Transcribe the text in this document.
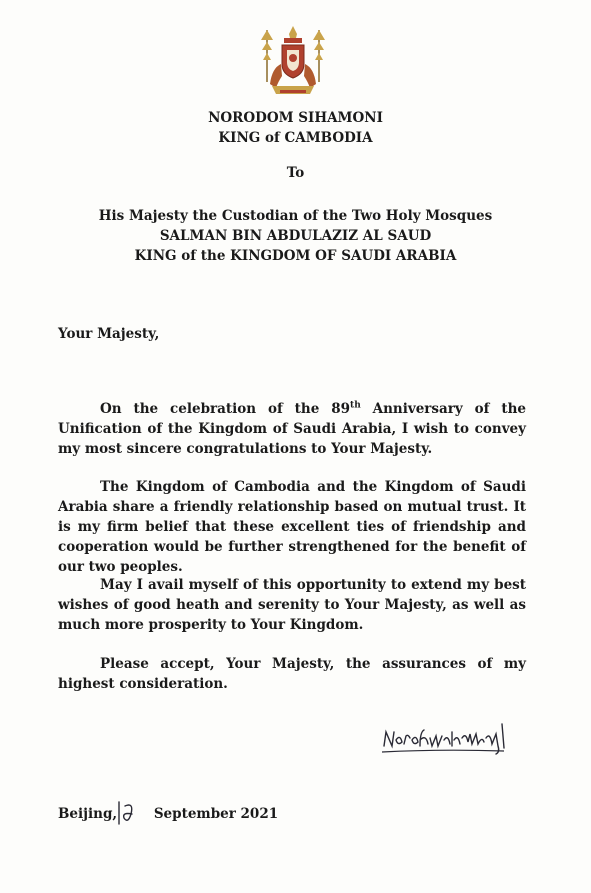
NORODOM SIHAMONI
KING of CAMBODIA
To
His Majesty the Custodian of the Two Holy Mosques
SALMAN BIN ABDULAZIZ AL SAUD
KING of the KINGDOM OF SAUDI ARABIA
Your Majesty,

On the celebration of the 89th Anniversary of the Unification of the Kingdom of Saudi Arabia, I wish to convey my most sincere congratulations to Your Majesty.

The Kingdom of Cambodia and the Kingdom of Saudi Arabia share a friendly relationship based on mutual trust. It is my firm belief that these excellent ties of friendship and cooperation would be further strengthened for the benefit of our two peoples.

May I avail myself of this opportunity to extend my best wishes of good heath and serenity to Your Majesty, as well as much more prosperity to Your Kingdom.

Please accept, Your Majesty, the assurances of my highest consideration.

Beijing,	September 2021
